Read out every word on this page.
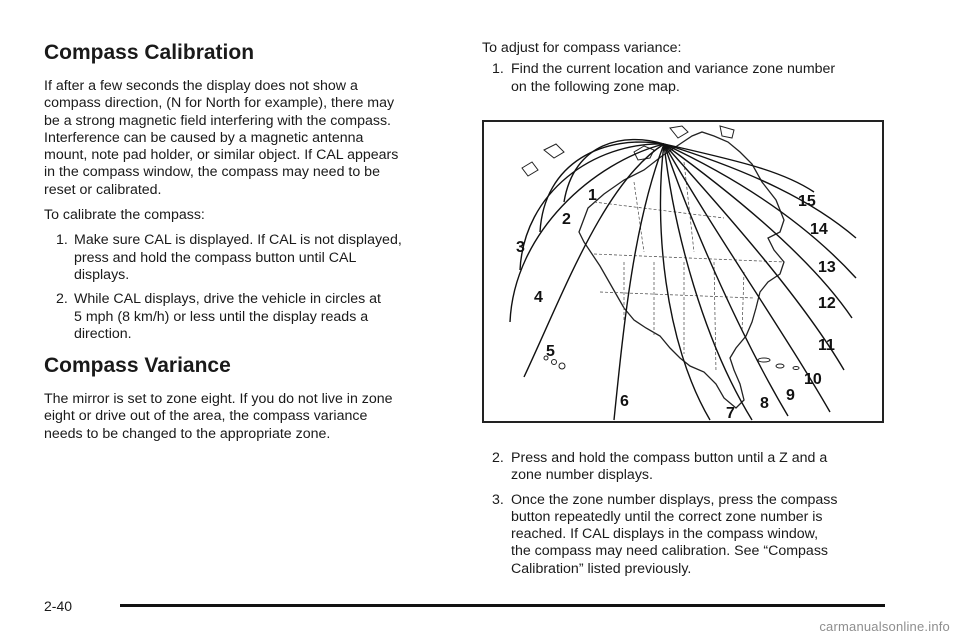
Compass Calibration

If after a few seconds the display does not show a
compass direction, (N for North for example), there may
be a strong magnetic field interfering with the compass.
Interference can be caused by a magnetic antenna
mount, note pad holder, or similar object. If CAL appears
in the compass window, the compass may need to be
reset or calibrated.

To calibrate the compass:

1. Make sure CAL is displayed. If CAL is not displayed,
press and hold the compass button until CAL
displays.
2. While CAL displays, drive the vehicle in circles at
5 mph (8 km/h) or less until the display reads a
direction.
Compass Variance

The mirror is set to zone eight. If you do not live in zone
eight or drive out of the area, the compass variance
needs to be changed to the appropriate zone.

To adjust for compass variance:

1. Find the current location and variance zone number
on the following zone map.
1
2
3
4
5
6
7
8 9
10
11
12
13
14
15
2. Press and hold the compass button until a Z and a
zone number displays.
3. Once the zone number displays, press the compass
button repeatedly until the correct zone number is
reached. If CAL displays in the compass window,
the compass may need calibration. See “Compass
Calibration” listed previously.
2-40
carmanualsonline.info
